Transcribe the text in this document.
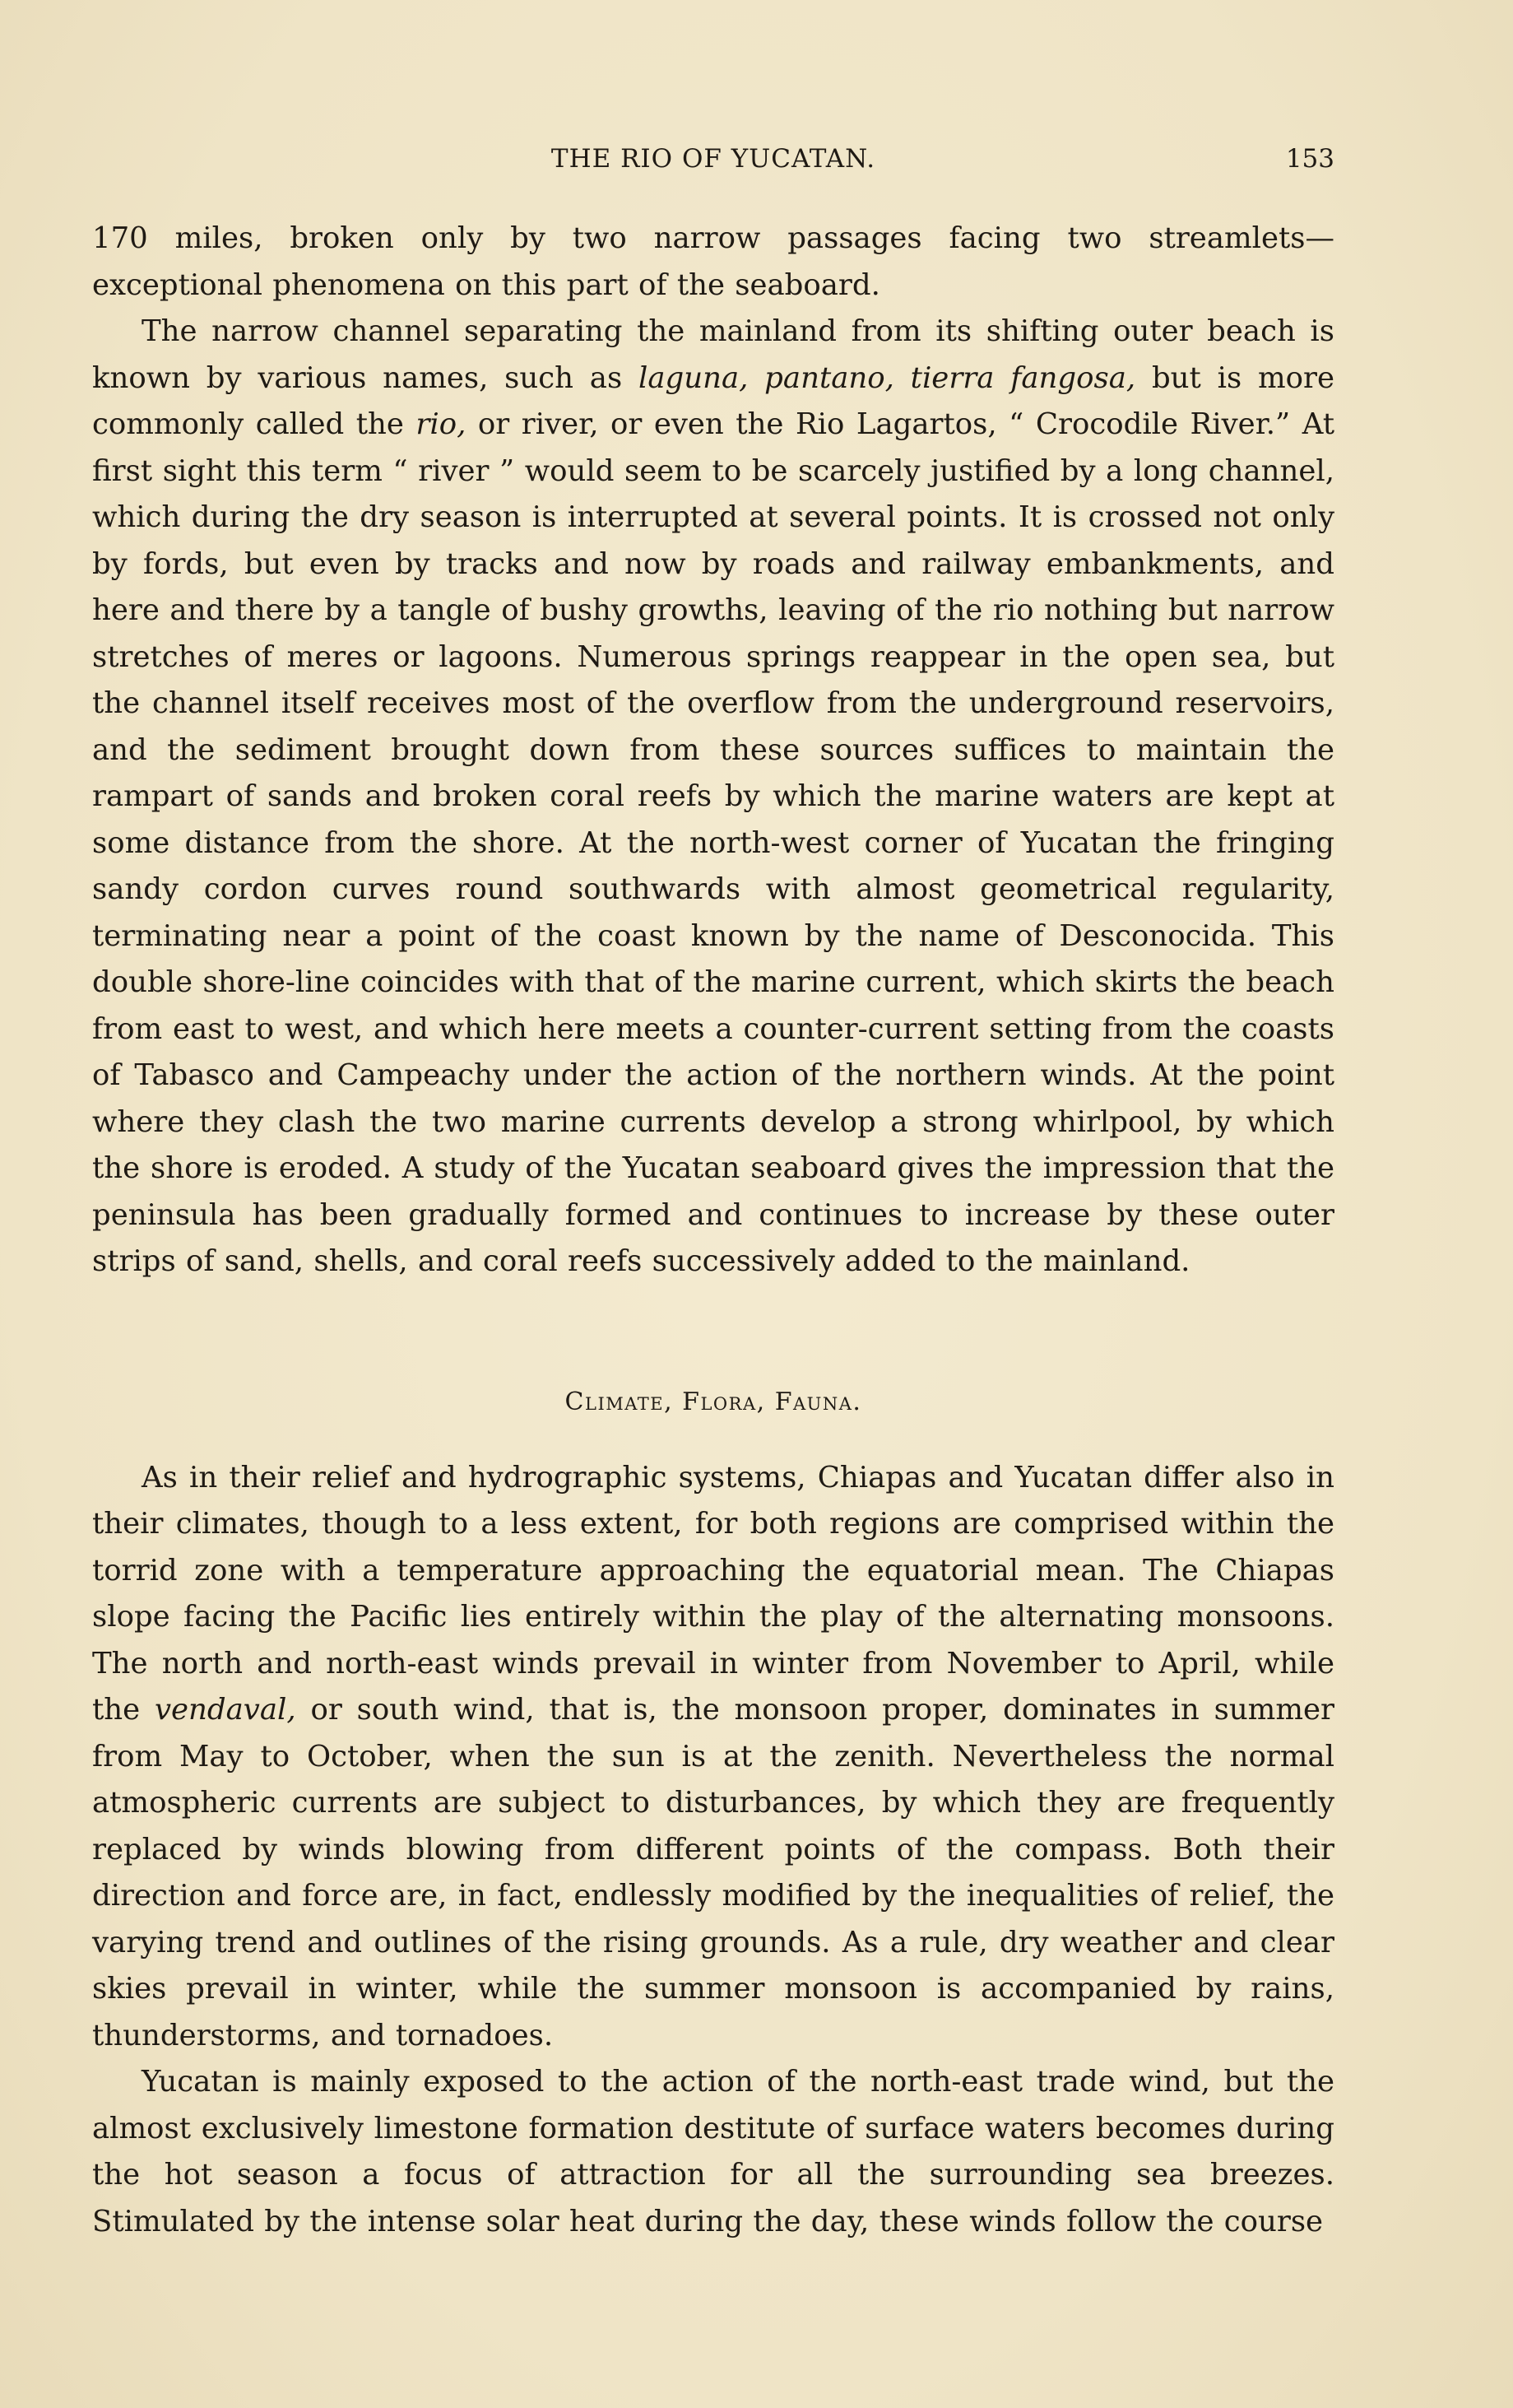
THE RIO OF YUCATAN.	153

170 miles, broken only by two narrow passages facing two streamlets—exceptional phenomena on this part of the seaboard.

The narrow channel separating the mainland from its shifting outer beach is known by various names, such as laguna, pantano, tierra fangosa, but is more commonly called the rio, or river, or even the Rio Lagartos, “ Crocodile River.” At first sight this term “ river ” would seem to be scarcely justified by a long channel, which during the dry season is interrupted at several points. It is crossed not only by fords, but even by tracks and now by roads and railway embankments, and here and there by a tangle of bushy growths, leaving of the rio nothing but narrow stretches of meres or lagoons. Numerous springs reappear in the open sea, but the channel itself receives most of the overflow from the underground reservoirs, and the sediment brought down from these sources suffices to maintain the rampart of sands and broken coral reefs by which the marine waters are kept at some distance from the shore. At the north-west corner of Yucatan the fringing sandy cordon curves round southwards with almost geometrical regularity, terminating near a point of the coast known by the name of Desconocida. This double shore-line coincides with that of the marine current, which skirts the beach from east to west, and which here meets a counter-current setting from the coasts of Tabasco and Campeachy under the action of the northern winds. At the point where they clash the two marine currents develop a strong whirlpool, by which the shore is eroded. A study of the Yucatan seaboard gives the impression that the peninsula has been gradually formed and continues to increase by these outer strips of sand, shells, and coral reefs successively added to the mainland.

Climate, Flora, Fauna.

As in their relief and hydrographic systems, Chiapas and Yucatan differ also in their climates, though to a less extent, for both regions are comprised within the torrid zone with a temperature approaching the equatorial mean. The Chiapas slope facing the Pacific lies entirely within the play of the alternating monsoons. The north and north-east winds prevail in winter from November to April, while the vendaval, or south wind, that is, the monsoon proper, dominates in summer from May to October, when the sun is at the zenith. Nevertheless the normal atmospheric currents are subject to disturbances, by which they are frequently replaced by winds blowing from different points of the compass. Both their direction and force are, in fact, endlessly modified by the inequalities of relief, the varying trend and outlines of the rising grounds. As a rule, dry weather and clear skies prevail in winter, while the summer monsoon is accompanied by rains, thunderstorms, and tornadoes.

Yucatan is mainly exposed to the action of the north-east trade wind, but the almost exclusively limestone formation destitute of surface waters becomes during the hot season a focus of attraction for all the surrounding sea breezes. Stimulated by the intense solar heat during the day, these winds follow the course
